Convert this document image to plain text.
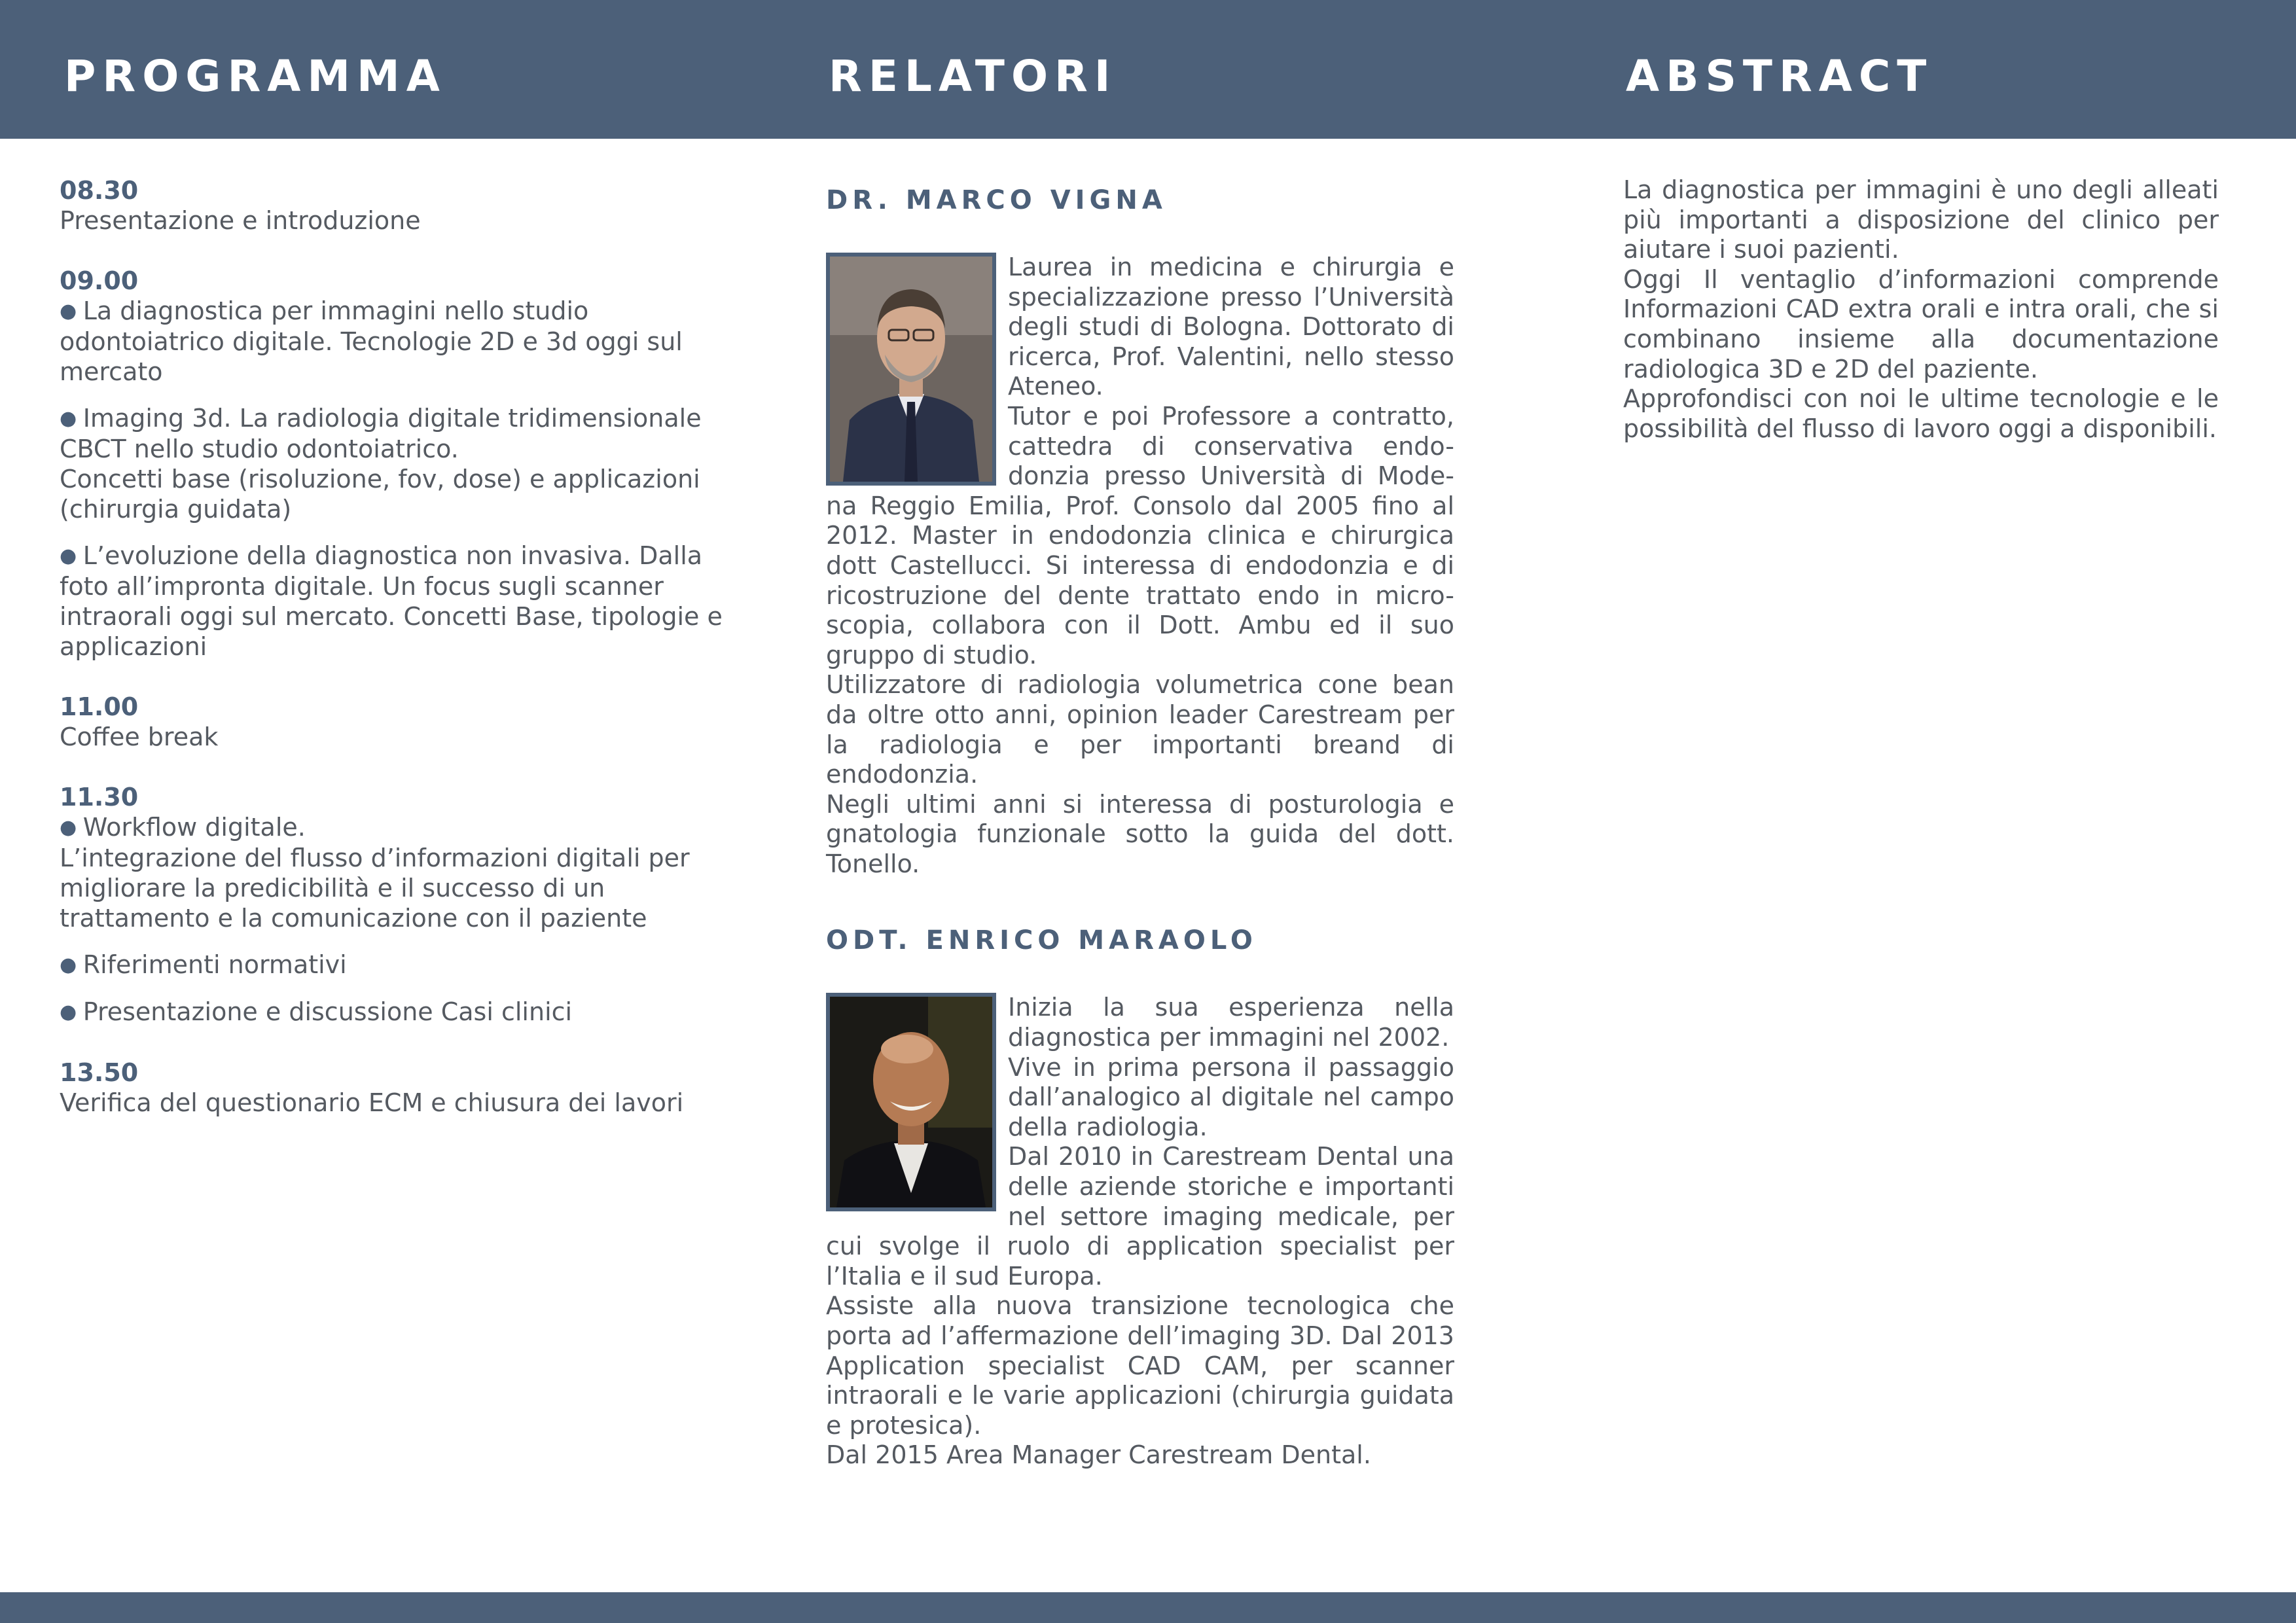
PROGRAMMA	RELATORI	ABSTRACT
08.30
Presentazione e introduzione
09.00
● La diagnostica per immagini nello studio odontoiatrico digitale. Tecnologie 2D e 3d oggi sul mercato
● Imaging 3d. La radiologia digitale tridimensionale CBCT nello studio odontoiatrico.
Concetti base (risoluzione, fov, dose) e applicazioni (chirurgia guidata)
● L’evoluzione della diagnostica non invasiva. Dalla foto all’impronta digitale. Un focus sugli scanner intraorali oggi sul mercato. Concetti Base, tipologie e applicazioni
11.00
Coffee break
11.30
● Workflow digitale.
L’integrazione del flusso d’informazioni digitali per migliorare la predicibilità e il successo di un trattamento e la comunicazione con il paziente
● Riferimenti normativi
● Presentazione e discussione Casi clinici
13.50
Verifica del questionario ECM e chiusura dei lavori
DR. MARCO VIGNA

Laurea in medicina e chirurgia e specializzazione presso l’Università degli studi di Bologna. Dottorato di ricerca, Prof. Valentini, nello stesso Ateneo.

Tutor e poi Professore a contratto, cattedra di conservativa endo-donzia presso Università di Mode-na Reggio Emilia, Prof. Consolo dal 2005 fino al 2012. Master in endodonzia clinica e chirurgica dott Castellucci. Si interessa di endodonzia e di ricostruzione del dente trattato endo in micro-scopia, collabora con il Dott. Ambu ed il suo gruppo di studio.

Utilizzatore di radiologia volumetrica cone bean da oltre otto anni, opinion leader Carestream per la radiologia e per importanti breand di endodonzia.

Negli ultimi anni si interessa di posturologia e gnatologia funzionale sotto la guida del dott. Tonello.

ODT. ENRICO MARAOLO

Inizia la sua esperienza nella diagnostica per immagini nel 2002.

Vive in prima persona il passaggio dall’analogico al digitale nel campo della radiologia.

Dal 2010 in Carestream Dental una delle aziende storiche e importanti nel settore imaging medicale, per cui svolge il ruolo di application specialist per l’Italia e il sud Europa.

Assiste alla nuova transizione tecnologica che porta ad l’affermazione dell’imaging 3D. Dal 2013 Application specialist CAD CAM, per scanner intraorali e le varie applicazioni (chirurgia guidata e protesica).

Dal 2015 Area Manager Carestream Dental.

La diagnostica per immagini è uno degli alleati più importanti a disposizione del clinico per aiutare i suoi pazienti.

Oggi Il ventaglio d’informazioni comprende Informazioni CAD extra orali e intra orali, che si combinano insieme alla documentazione radiologica 3D e 2D del paziente.

Approfondisci con noi le ultime tecnologie e le possibilità del flusso di lavoro oggi a disponibili.
